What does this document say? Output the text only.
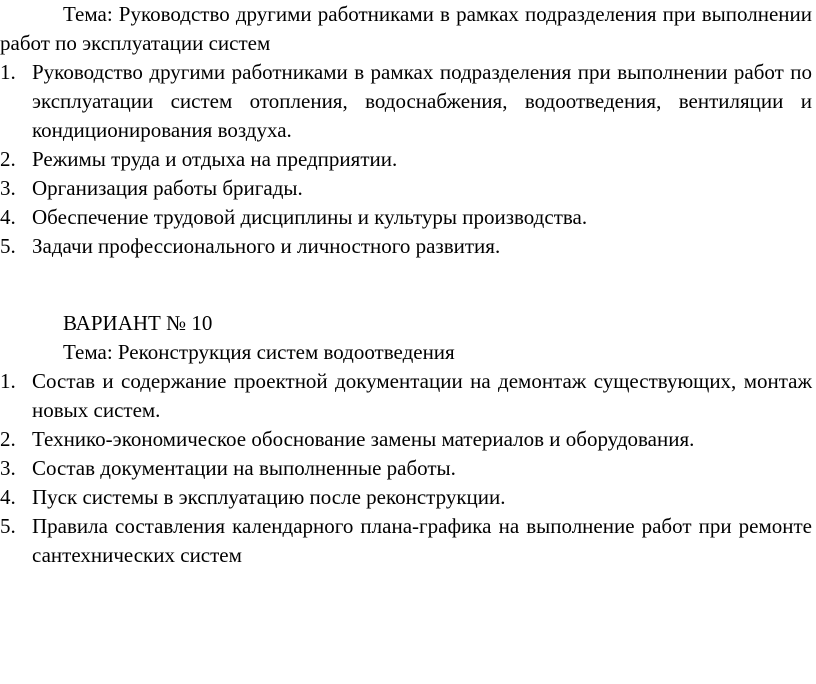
Тема: Руководство другими работниками в рамках подразделения при выполнении работ по эксплуатации систем
1. Руководство другими работниками в рамках подразделения при выполнении работ по эксплуатации систем отопления, водоснабжения, водоотведения, вентиляции и кондиционирования воздуха.
2. Режимы труда и отдыха на предприятии.
3. Организация работы бригады.
4. Обеспечение трудовой дисциплины и культуры производства.
5. Задачи профессионального и личностного развития.
ВАРИАНТ № 10
Тема: Реконструкция систем водоотведения
1. Состав и содержание проектной документации на демонтаж существующих, монтаж новых систем.
2. Технико-экономическое обоснование замены материалов и оборудования.
3. Состав документации на выполненные работы.
4. Пуск системы в эксплуатацию после реконструкции.
5. Правила составления календарного плана-графика на выполнение работ при ремонте сантехнических систем
